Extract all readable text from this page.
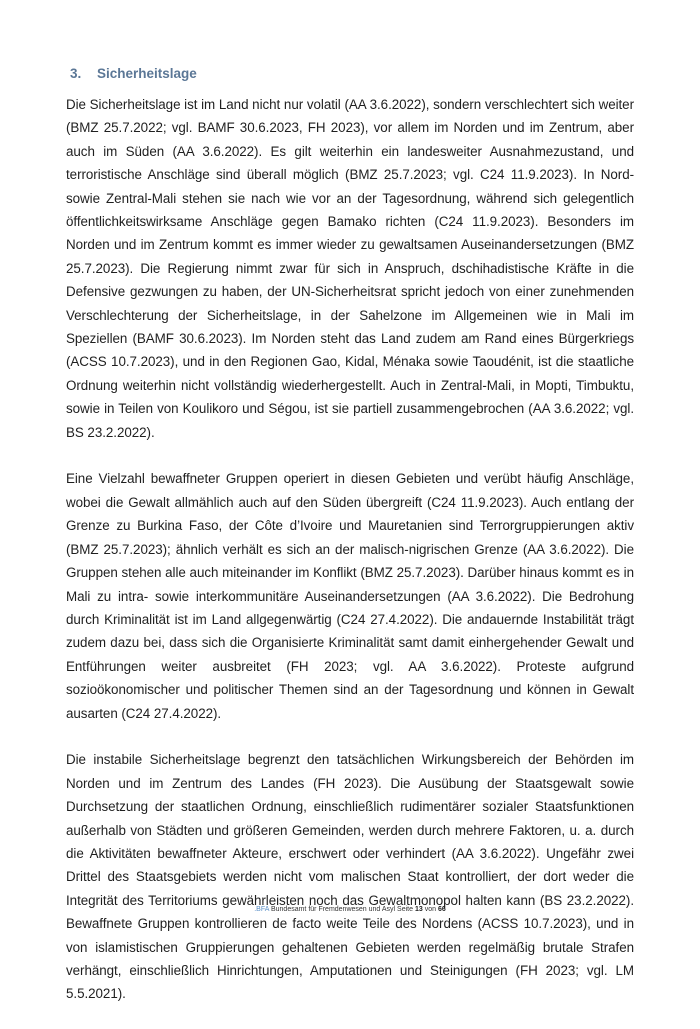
3.	Sicherheitslage

Die Sicherheitslage ist im Land nicht nur volatil (AA 3.6.2022), sondern verschlechtert sich weiter (BMZ 25.7.2022; vgl. BAMF 30.6.2023, FH 2023), vor allem im Norden und im Zentrum, aber auch im Süden (AA 3.6.2022). Es gilt weiterhin ein landesweiter Ausnahmezustand, und terroristische Anschläge sind überall möglich (BMZ 25.7.2023; vgl. C24 11.9.2023). In Nord- sowie Zentral-Mali stehen sie nach wie vor an der Tagesordnung, während sich gelegentlich öffentlichkeitswirksame Anschläge gegen Bamako richten (C24 11.9.2023). Besonders im Norden und im Zentrum kommt es immer wieder zu gewaltsamen Auseinandersetzungen (BMZ 25.7.2023). Die Regierung nimmt zwar für sich in Anspruch, dschihadistische Kräfte in die Defensive gezwungen zu haben, der UN-Sicherheitsrat spricht jedoch von einer zunehmenden Verschlechterung der Sicherheitslage, in der Sahelzone im Allgemeinen wie in Mali im Speziellen (BAMF 30.6.2023). Im Norden steht das Land zudem am Rand eines Bürgerkriegs (ACSS 10.7.2023), und in den Regionen Gao, Kidal, Ménaka sowie Taoudénit, ist die staatliche Ordnung weiterhin nicht vollständig wiederhergestellt. Auch in Zentral-Mali, in Mopti, Timbuktu, sowie in Teilen von Koulikoro und Ségou, ist sie partiell zusammengebrochen (AA 3.6.2022; vgl. BS 23.2.2022).

Eine Vielzahl bewaffneter Gruppen operiert in diesen Gebieten und verübt häufig Anschläge, wobei die Gewalt allmählich auch auf den Süden übergreift (C24 11.9.2023). Auch entlang der Grenze zu Burkina Faso, der Côte d’Ivoire und Mauretanien sind Terrorgruppierungen aktiv (BMZ 25.7.2023); ähnlich verhält es sich an der malisch-nigrischen Grenze (AA 3.6.2022). Die Gruppen stehen alle auch miteinander im Konflikt (BMZ 25.7.2023). Darüber hinaus kommt es in Mali zu intra- sowie interkommunitäre Auseinandersetzungen (AA 3.6.2022). Die Bedrohung durch Kriminalität ist im Land allgegenwärtig (C24 27.4.2022). Die andauernde Instabilität trägt zudem dazu bei, dass sich die Organisierte Kriminalität samt damit einhergehender Gewalt und Entführungen weiter ausbreitet (FH 2023; vgl. AA 3.6.2022). Proteste aufgrund sozioökonomischer und politischer Themen sind an der Tagesordnung und können in Gewalt ausarten (C24 27.4.2022).

Die instabile Sicherheitslage begrenzt den tatsächlichen Wirkungsbereich der Behörden im Norden und im Zentrum des Landes (FH 2023). Die Ausübung der Staatsgewalt sowie Durchsetzung der staatlichen Ordnung, einschließlich rudimentärer sozialer Staatsfunktionen außerhalb von Städten und größeren Gemeinden, werden durch mehrere Faktoren, u. a. durch die Aktivitäten bewaffneter Akteure, erschwert oder verhindert (AA 3.6.2022). Ungefähr zwei Drittel des Staatsgebiets werden nicht vom malischen Staat kontrolliert, der dort weder die Integrität des Territoriums gewährleisten noch das Gewaltmonopol halten kann (BS 23.2.2022). Bewaffnete Gruppen kontrollieren de facto weite Teile des Nordens (ACSS 10.7.2023), und in von islamistischen Gruppierungen gehaltenen Gebieten werden regelmäßig brutale Strafen verhängt, einschließlich Hinrichtungen, Amputationen und Steinigungen (FH 2023; vgl. LM 5.5.2021).

.BFA Bundesamt für Fremdenwesen und Asyl Seite 13 von 66
